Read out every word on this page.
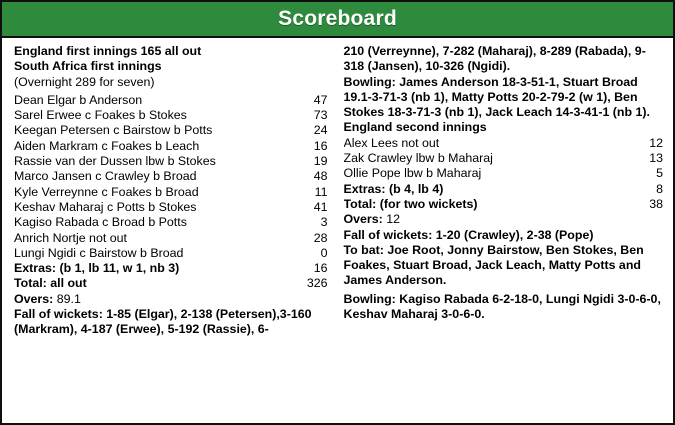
Scoreboard
England first innings 165 all out
South Africa first innings
(Overnight 289 for seven)
Dean Elgar b Anderson	47
Sarel Erwee c Foakes b Stokes	73
Keegan Petersen c Bairstow b Potts	24
Aiden Markram c Foakes b Leach	16
Rassie van der Dussen lbw b Stokes	19
Marco Jansen c Crawley b Broad	48
Kyle Verreynne c Foakes b Broad	11
Keshav Maharaj c Potts b Stokes	41
Kagiso Rabada c Broad b Potts	3
Anrich Nortje not out	28
Lungi Ngidi c Bairstow b Broad	0
Extras: (b 1, lb 11, w 1, nb 3)	16
Total: all out	326
Overs: 89.1
Fall of wickets: 1-85 (Elgar), 2-138 (Petersen),3-160 (Markram), 4-187 (Erwee), 5-192 (Rassie), 6-
210 (Verreynne), 7-282 (Maharaj), 8-289 (Rabada), 9-318 (Jansen), 10-326 (Ngidi).
Bowling: James Anderson 18-3-51-1, Stuart Broad 19.1-3-71-3 (nb 1), Matty Potts 20-2-79-2 (w 1), Ben Stokes 18-3-71-3 (nb 1), Jack Leach 14-3-41-1 (nb 1).
England second innings
Alex Lees not out	12
Zak Crawley lbw b Maharaj	13
Ollie Pope lbw b Maharaj	5
Extras: (b 4, lb 4)	8
Total: (for two wickets)	38
Overs: 12
Fall of wickets: 1-20 (Crawley), 2-38 (Pope)
To bat: Joe Root, Jonny Bairstow, Ben Stokes, Ben Foakes, Stuart Broad, Jack Leach, Matty Potts and James Anderson.
Bowling: Kagiso Rabada 6-2-18-0, Lungi Ngidi 3-0-6-0, Keshav Maharaj 3-0-6-0.
